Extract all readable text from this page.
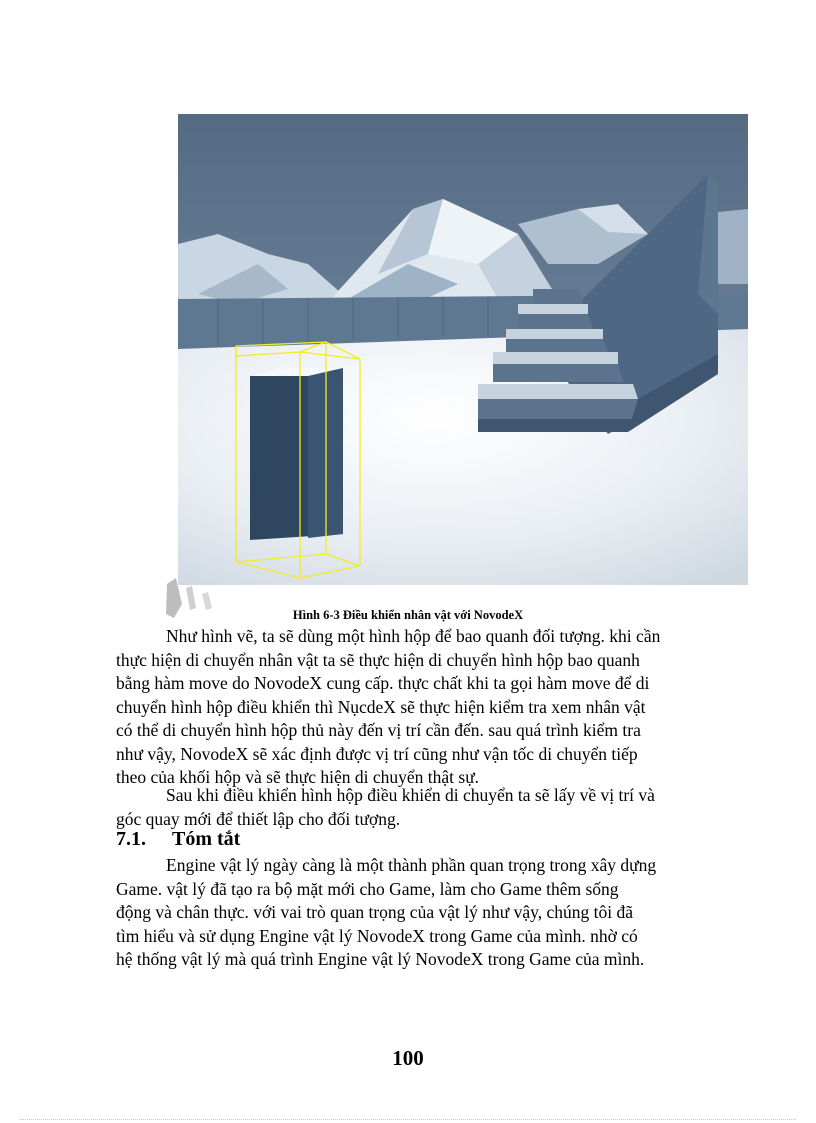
Hình 6-3 Điều khiển nhân vật với NovodeX

Như hình vẽ, ta sẽ dùng một hình hộp để bao quanh đối tượng. khi cần
thực hiện di chuyển nhân vật ta sẽ thực hiện di chuyển hình hộp bao quanh
bằng hàm move do NovodeX cung cấp. thực chất khi ta gọi hàm move để di
chuyển hình hộp điều khiển thì NụcdeX sẽ thực hiện kiểm tra xem nhân vật
có thể di chuyển hình hộp thủ này đến vị trí cần đến. sau quá trình kiểm tra
như vậy, NovodeX sẽ xác định được vị trí cũng như vận tốc di chuyển tiếp
theo của khối hộp và sẽ thực hiện di chuyển thật sự.

Sau khi điều khiển hình hộp điều khiển di chuyển ta sẽ lấy về vị trí và
góc quay mới để thiết lập cho đối tượng.

7.1. Tóm tắt

Engine vật lý ngày càng là một thành phần quan trọng trong xây dựng
Game. vật lý đã tạo ra bộ mặt mới cho Game, làm cho Game thêm sống
động và chân thực. với vai trò quan trọng của vật lý như vậy, chúng tôi đã
tìm hiểu và sử dụng Engine vật lý NovodeX trong Game của mình. nhờ có
hệ thống vật lý mà quá trình Engine vật lý NovodeX trong Game của mình.

100
